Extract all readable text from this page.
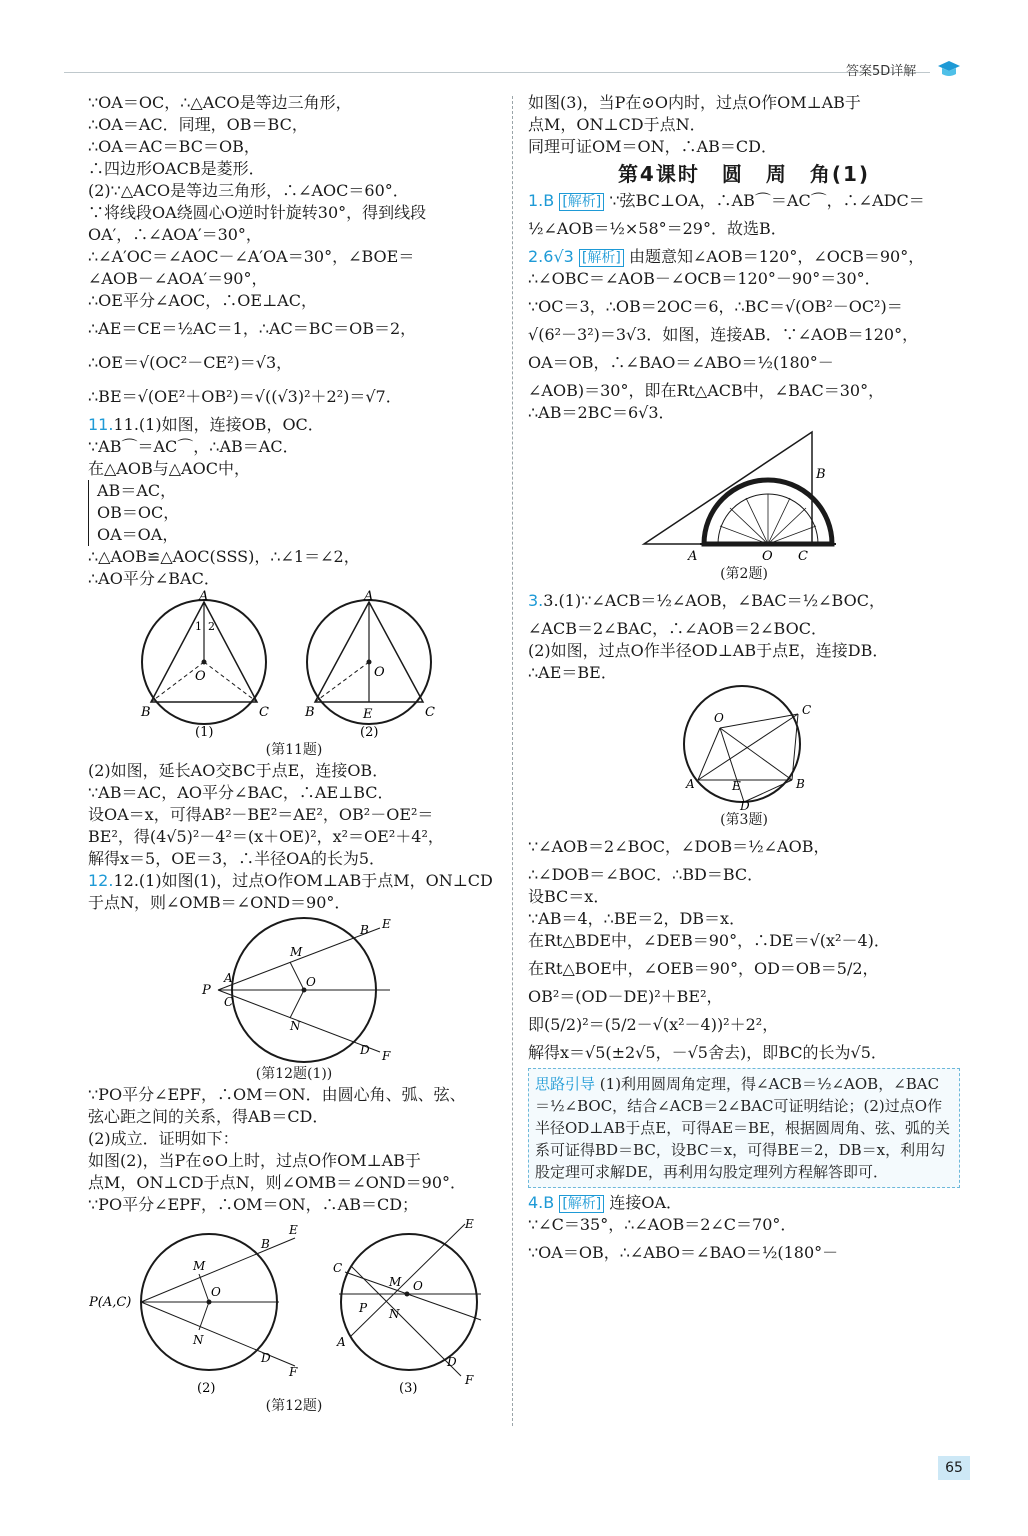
答案5D详解
∵OA＝OC，∴△ACO是等边三角形，
∴OA＝AC．同理，OB＝BC，
∴OA＝AC＝BC＝OB，
∴四边形OACB是菱形．
(2)∵△ACO是等边三角形，∴∠AOC＝60°．
∵将线段OA绕圆心O逆时针旋转30°，得到线段
OA′，∴∠AOA′＝30°，
∴∠A′OC＝∠AOC－∠A′OA＝30°，∠BOE＝
∠AOB－∠AOA′＝90°，
∴OE平分∠AOC，∴OE⊥AC，
∴AE＝CE＝½AC＝1，∴AC＝BC＝OB＝2，
∴OE＝√(OC²－CE²)＝√3，
∴BE＝√(OE²＋OB²)＝√((√3)²＋2²)＝√7．
11.11.(1)如图，连接OB，OC．
∵AB⌒＝AC⌒，∴AB＝AC．
在△AOB与△AOC中，
AB＝AC，
OB＝OC，
OA＝OA，
∴△AOB≌△AOC(SSS)，∴∠1＝∠2，
∴AO平分∠BAC．
A
B	C
O
1 2
A
B	C
O
E
(1)	(2)
(第11题)
(2)如图，延长AO交BC于点E，连接OB．
∵AB＝AC，AO平分∠BAC，∴AE⊥BC．
设OA＝x，可得AB²－BE²＝AE²，OB²－OE²＝
BE²，得(4√5)²－4²＝(x＋OE)²，x²＝OE²＋4²，
解得x＝5，OE＝3，∴半径OA的长为5．
12.12.(1)如图(1)，过点O作OM⊥AB于点M，ON⊥CD
于点N，则∠OMB＝∠OND＝90°．
P
A
C
M
N
O
B E
D F
(第12题(1))
∵PO平分∠EPF，∴OM＝ON．由圆心角、弧、弦、
弦心距之间的关系，得AB＝CD．
(2)成立．证明如下：
如图(2)，当P在⊙O上时，过点O作OM⊥AB于
点M，ON⊥CD于点N，则∠OMB＝∠OND＝90°．
∵PO平分∠EPF，∴OM＝ON，∴AB＝CD；
P(A,C)
M
N
O
B
E
D
F
C
A
P
M
N
O
E
D
F
(2)	(3)
(第12题)
如图(3)，当P在⊙O内时，过点O作OM⊥AB于
点M，ON⊥CD于点N．
同理可证OM＝ON，∴AB＝CD．
第4课时　圆　周　角(1)
1.B [解析] ∵弦BC⊥OA，∴AB⌒＝AC⌒，∴∠ADC＝
½∠AOB＝½×58°＝29°．故选B．
2.6√3 [解析] 由题意知∠AOB＝120°，∠OCB＝90°，
∴∠OBC＝∠AOB－∠OCB＝120°－90°＝30°．
∵OC＝3，∴OB＝2OC＝6，∴BC＝√(OB²－OC²)＝
√(6²－3²)＝3√3．如图，连接AB．∵∠AOB＝120°，
OA＝OB，∴∠BAO＝∠ABO＝½(180°－
∠AOB)＝30°，即在Rt△ACB中，∠BAC＝30°，
∴AB＝2BC＝6√3．
A	O C
B
(第2题)
3.3.(1)∵∠ACB＝½∠AOB，∠BAC＝½∠BOC，
∠ACB＝2∠BAC，∴∠AOB＝2∠BOC．
(2)如图，过点O作半径OD⊥AB于点E，连接DB．
∴AE＝BE．
O
C
A	B
E
D
(第3题)
∵∠AOB＝2∠BOC，∠DOB＝½∠AOB，
∴∠DOB＝∠BOC．∴BD＝BC．
设BC＝x．
∵AB＝4，∴BE＝2，DB＝x．
在Rt△BDE中，∠DEB＝90°，∴DE＝√(x²－4)．
在Rt△BOE中，∠OEB＝90°，OD＝OB＝5/2，
OB²＝(OD－DE)²＋BE²，
即(5/2)²＝(5/2－√(x²－4))²＋2²，
解得x＝√5(±2√5，－√5舍去)，即BC的长为√5．
思路引导 (1)利用圆周角定理，得∠ACB＝½∠AOB，∠BAC＝½∠BOC，结合∠ACB＝2∠BAC可证明结论；(2)过点O作半径OD⊥AB于点E，可得AE＝BE，根据圆周角、弦、弧的关系可证得BD＝BC，设BC＝x，可得BE＝2，DB＝x，利用勾股定理可求解DE，再利用勾股定理列方程解答即可．
4.B [解析] 连接OA．
∵∠C＝35°，∴∠AOB＝2∠C＝70°．
∵OA＝OB，∴∠ABO＝∠BAO＝½(180°－
65
